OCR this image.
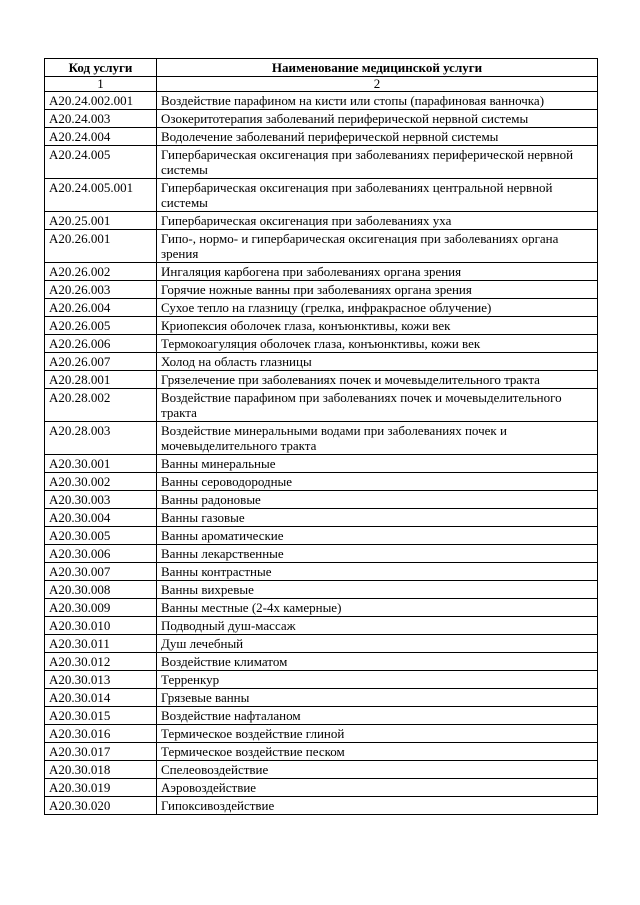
Код услуги	Наименование медицинской услуги
1	2
A20.24.002.001	Воздействие парафином на кисти или стопы (парафиновая ванночка)
A20.24.003	Озокеритотерапия заболеваний периферической нервной системы
A20.24.004	Водолечение заболеваний периферической нервной системы
A20.24.005	Гипербарическая оксигенация при заболеваниях периферической нервной системы
A20.24.005.001	Гипербарическая оксигенация при заболеваниях центральной нервной системы
A20.25.001	Гипербарическая оксигенация при заболеваниях уха
A20.26.001	Гипо-, нормо- и гипербарическая оксигенация при заболеваниях органа зрения
A20.26.002	Ингаляция карбогена при заболеваниях органа зрения
A20.26.003	Горячие ножные ванны при заболеваниях органа зрения
A20.26.004	Сухое тепло на глазницу (грелка, инфракрасное облучение)
A20.26.005	Криопексия оболочек глаза, конъюнктивы, кожи век
A20.26.006	Термокоагуляция оболочек глаза, конъюнктивы, кожи век
A20.26.007	Холод на область глазницы
A20.28.001	Грязелечение при заболеваниях почек и мочевыделительного тракта
A20.28.002	Воздействие парафином при заболеваниях почек и мочевыделительного тракта
A20.28.003	Воздействие минеральными водами при заболеваниях почек и мочевыделительного тракта
A20.30.001	Ванны минеральные
A20.30.002	Ванны сероводородные
A20.30.003	Ванны радоновые
A20.30.004	Ванны газовые
A20.30.005	Ванны ароматические
A20.30.006	Ванны лекарственные
A20.30.007	Ванны контрастные
A20.30.008	Ванны вихревые
A20.30.009	Ванны местные (2-4х камерные)
A20.30.010	Подводный душ-массаж
A20.30.011	Душ лечебный
A20.30.012	Воздействие климатом
A20.30.013	Терренкур
A20.30.014	Грязевые ванны
A20.30.015	Воздействие нафталаном
A20.30.016	Термическое воздействие глиной
A20.30.017	Термическое воздействие песком
A20.30.018	Спелеовоздействие
A20.30.019	Аэровоздействие
A20.30.020	Гипоксивоздействие
